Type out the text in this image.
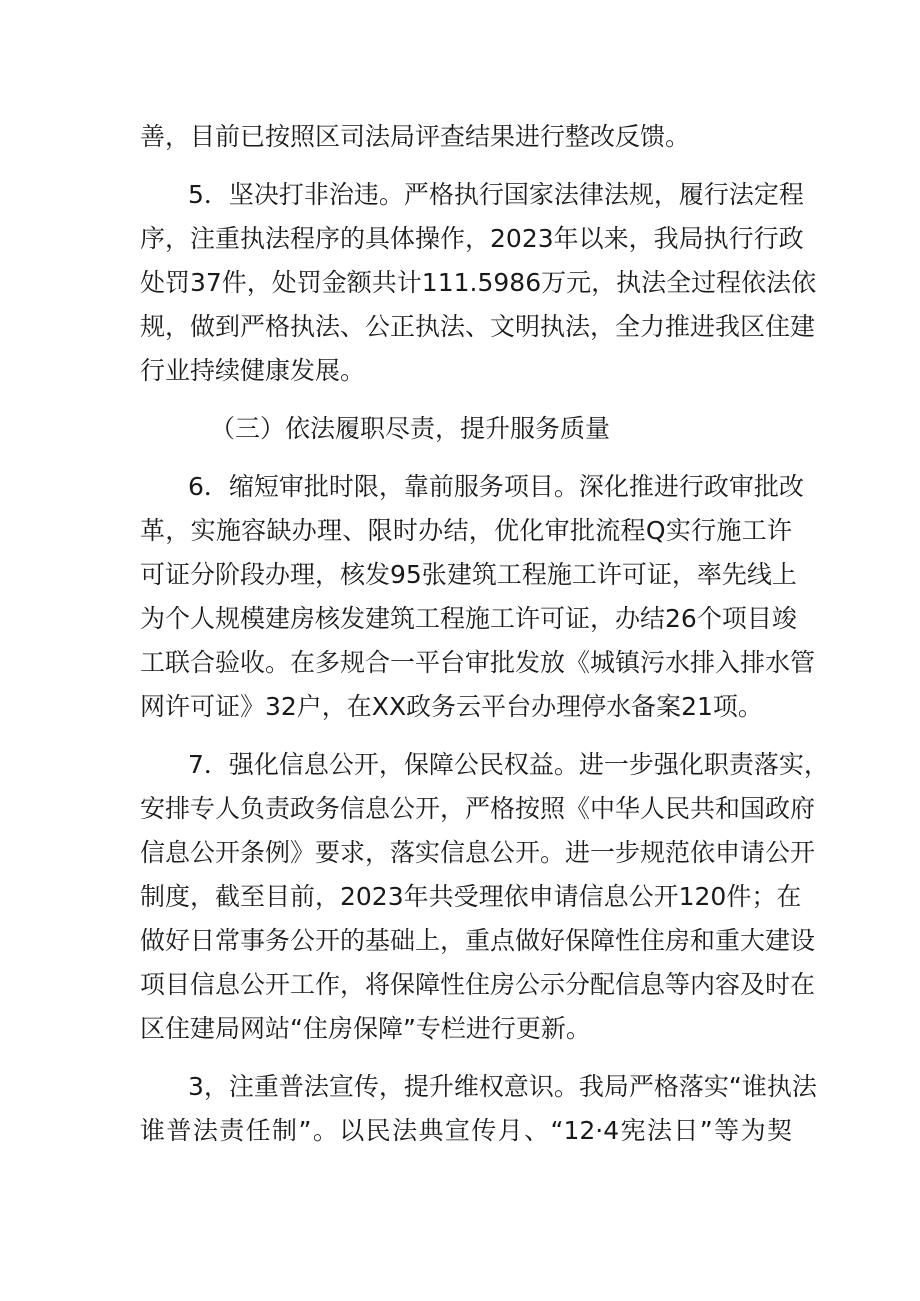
善，目前已按照区司法局评查结果进行整改反馈。
5．坚决打非治违。严格执行国家法律法规，履行法定程
序，注重执法程序的具体操作，2023年以来，我局执行行政
处罚37件，处罚金额共计111.5986万元，执法全过程依法依
规，做到严格执法、公正执法、文明执法，全力推进我区住建
行业持续健康发展。
（三）依法履职尽责，提升服务质量
6．缩短审批时限，靠前服务项目。深化推进行政审批改
革，实施容缺办理、限时办结，优化审批流程Q实行施工许
可证分阶段办理，核发95张建筑工程施工许可证，率先线上
为个人规模建房核发建筑工程施工许可证，办结26个项目竣
工联合验收。在多规合一平台审批发放《城镇污水排入排水管
网许可证》32户，在XX政务云平台办理停水备案21项。
7．强化信息公开，保障公民权益。进一步强化职责落实，
安排专人负责政务信息公开，严格按照《中华人民共和国政府
信息公开条例》要求，落实信息公开。进一步规范依申请公开
制度，截至目前，2023年共受理依申请信息公开120件；在
做好日常事务公开的基础上，重点做好保障性住房和重大建设
项目信息公开工作，将保障性住房公示分配信息等内容及时在
区住建局网站“住房保障”专栏进行更新。
3，注重普法宣传，提升维权意识。我局严格落实“谁执法
谁普法责任制”。以民法典宣传月、“12·4宪法日”等为契
